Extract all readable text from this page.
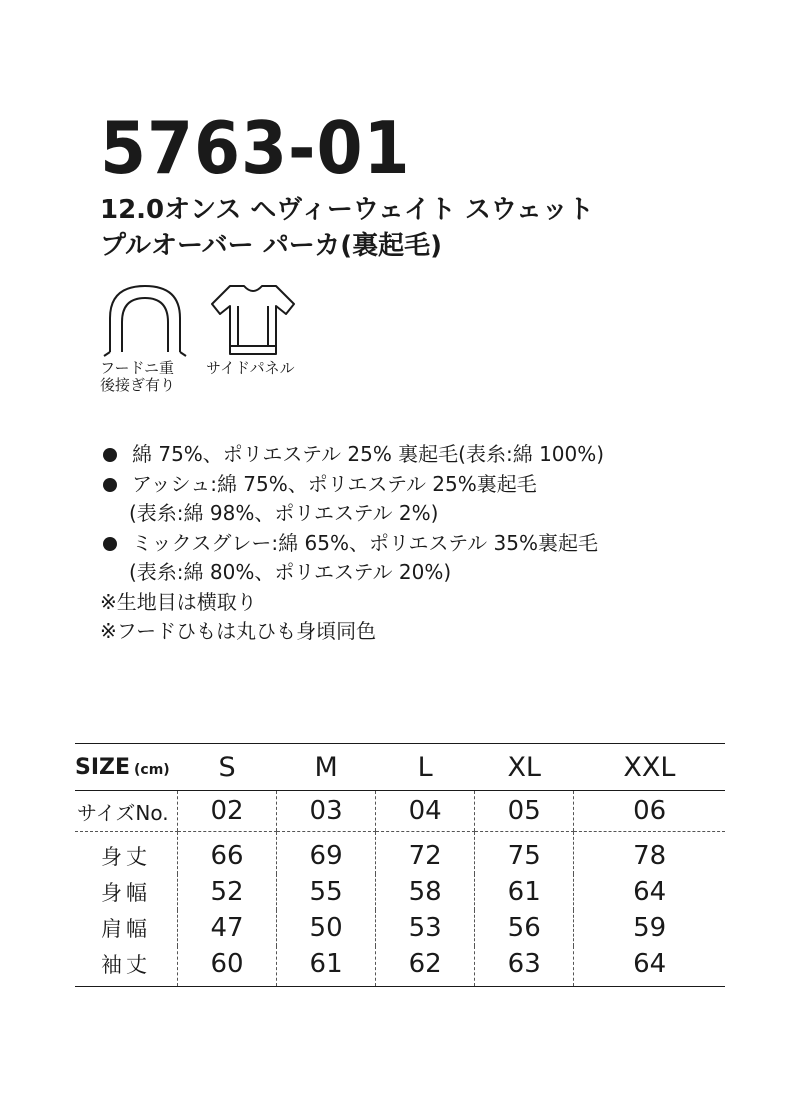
5763-01
12.0オンス ヘヴィーウェイト スウェット
プルオーバー パーカ(裏起毛)
フードニ重
後接ぎ有り
サイドパネル
綿 75%、ポリエステル 25% 裏起毛(表糸:綿 100%)
アッシュ:綿 75%、ポリエステル 25%裏起毛
(表糸:綿 98%、ポリエステル 2%)
ミックスグレー:綿 65%、ポリエステル 35%裏起毛
(表糸:綿 80%、ポリエステル 20%)
※生地目は横取り
※フードひもは丸ひも身頃同色
SIZE (cm)	S	M	L	XL	XXL
サイズNo.	02	03	04	05	06
身丈	66	69	72	75	78
身幅	52	55	58	61	64
肩幅	47	50	53	56	59
袖丈	60	61	62	63	64
